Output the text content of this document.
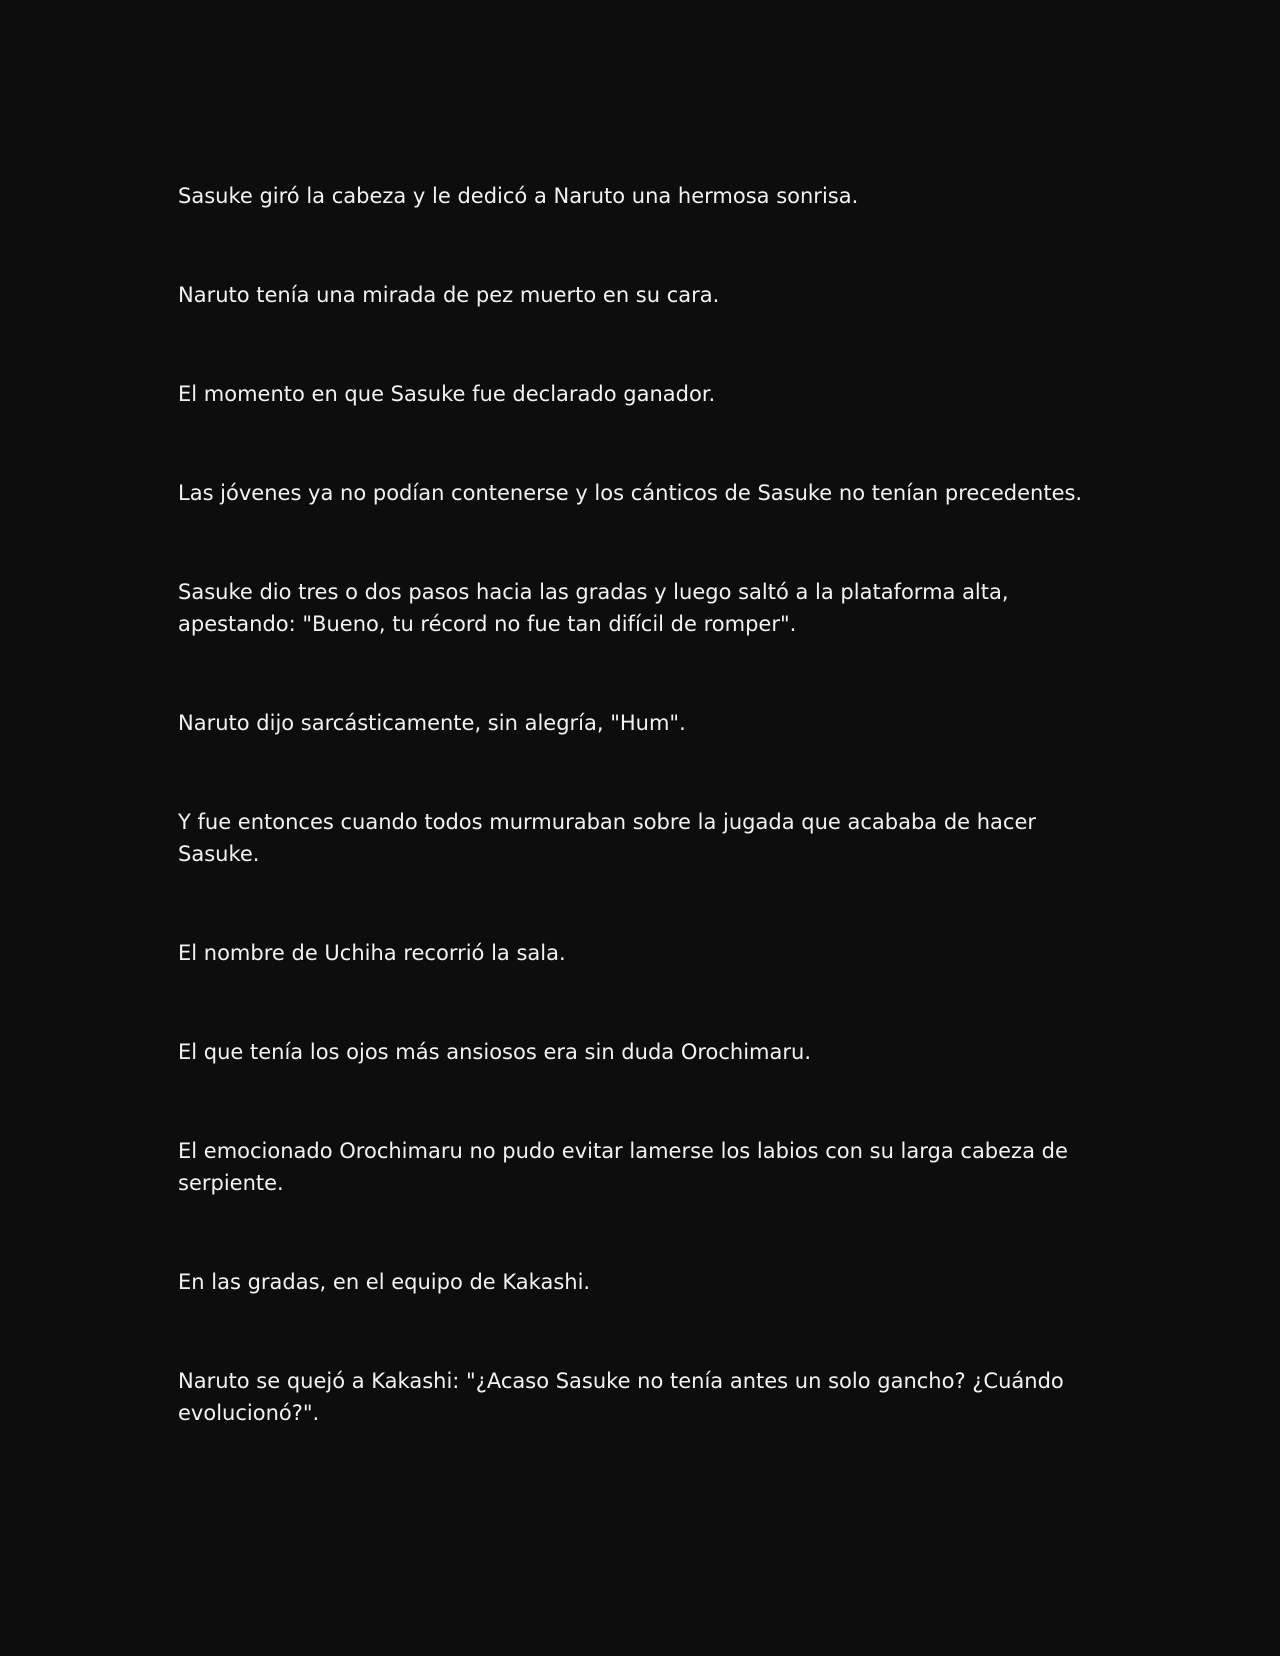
Sasuke giró la cabeza y le dedicó a Naruto una hermosa sonrisa.

Naruto tenía una mirada de pez muerto en su cara.

El momento en que Sasuke fue declarado ganador.

Las jóvenes ya no podían contenerse y los cánticos de Sasuke no tenían precedentes.

Sasuke dio tres o dos pasos hacia las gradas y luego saltó a la plataforma alta, apestando: "Bueno, tu récord no fue tan difícil de romper".

Naruto dijo sarcásticamente, sin alegría, "Hum".

Y fue entonces cuando todos murmuraban sobre la jugada que acababa de hacer Sasuke.

El nombre de Uchiha recorrió la sala.

El que tenía los ojos más ansiosos era sin duda Orochimaru.

El emocionado Orochimaru no pudo evitar lamerse los labios con su larga cabeza de serpiente.

En las gradas, en el equipo de Kakashi.

Naruto se quejó a Kakashi: "¿Acaso Sasuke no tenía antes un solo gancho? ¿Cuándo evolucionó?".
